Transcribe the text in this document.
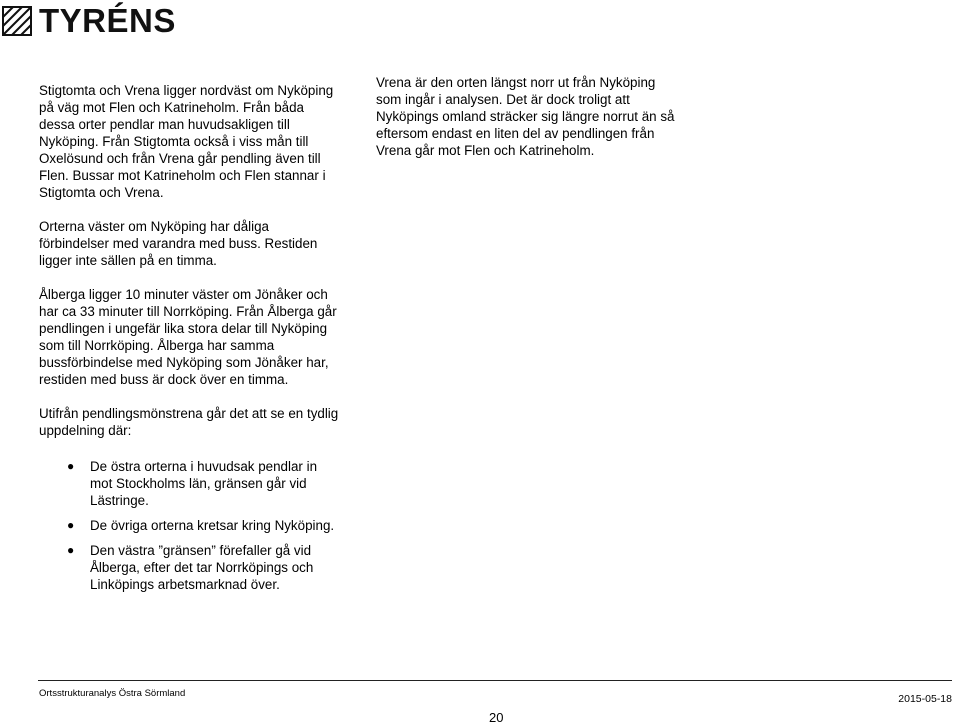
TYRÉNS

Stigtomta och Vrena ligger nordväst om Nyköping på väg mot Flen och Katrineholm. Från båda dessa orter pendlar man huvudsakligen till Nyköping. Från Stigtomta också i viss mån till Oxelösund och från Vrena går pendling även till Flen. Bussar mot Katrineholm och Flen stannar i Stigtomta och Vrena.

Orterna väster om Nyköping har dåliga förbindelser med varandra med buss. Restiden ligger inte sällen på en timma.

Ålberga ligger 10 minuter väster om Jönåker och har ca 33 minuter till Norrköping. Från Ålberga går pendlingen i ungefär lika stora delar till Nyköping som till Norrköping. Ålberga har samma bussförbindelse med Nyköping som Jönåker har, restiden med buss är dock över en timma.

Utifrån pendlingsmönstrena går det att se en tydlig uppdelning där:

● De östra orterna i huvudsak pendlar in mot Stockholms län, gränsen går vid Lästringe.
● De övriga orterna kretsar kring Nyköping.
● Den västra ”gränsen” förefaller gå vid Ålberga, efter det tar Norrköpings och Linköpings arbetsmarknad över.

Vrena är den orten längst norr ut från Nyköping som ingår i analysen. Det är dock troligt att Nyköpings omland sträcker sig längre norrut än så eftersom endast en liten del av pendlingen från Vrena går mot Flen och Katrineholm.

Ortsstrukturanalys Östra Sörmland	2015-05-18
20
